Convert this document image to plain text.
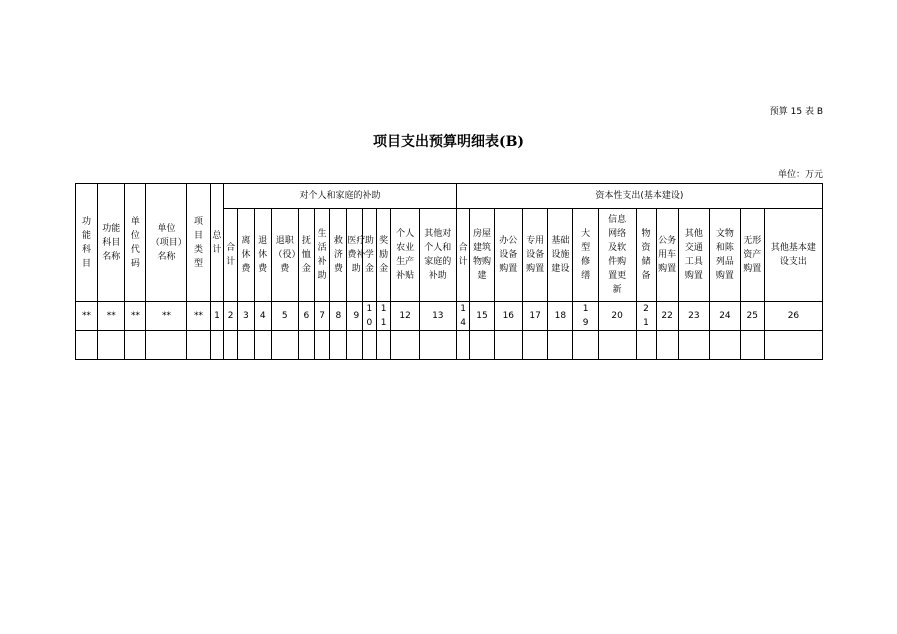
预算 15 表 B
项目支出预算明细表(B)
单位：万元
功能科目	功能科目名称	单位代码	单位（项目）名称	项目类型	总计	对个人和家庭的补助												资本性支出(基本建设)												

						合计	离休费	退休费	退职（役）费	抚恤金	生活补助	救济费	医疗费补助	助学金	奖励金	个人农业生产补贴	其他对个人和家庭的补助	合计	房屋建筑物购建	办公设备购置	专用设备购置	基础设施建设	大型修缮	信息网络及软件购置更新	物资储备	公务用车购置	其他交通工具购置	文物和陈列品购置	无形资产购置	其他基本建设支出

**	**	**	**	**	1	2	3	4	5	6	7	8	9	10	11	12	13	14	15	16	17	18	19	20	21	22	23	24	25	26
